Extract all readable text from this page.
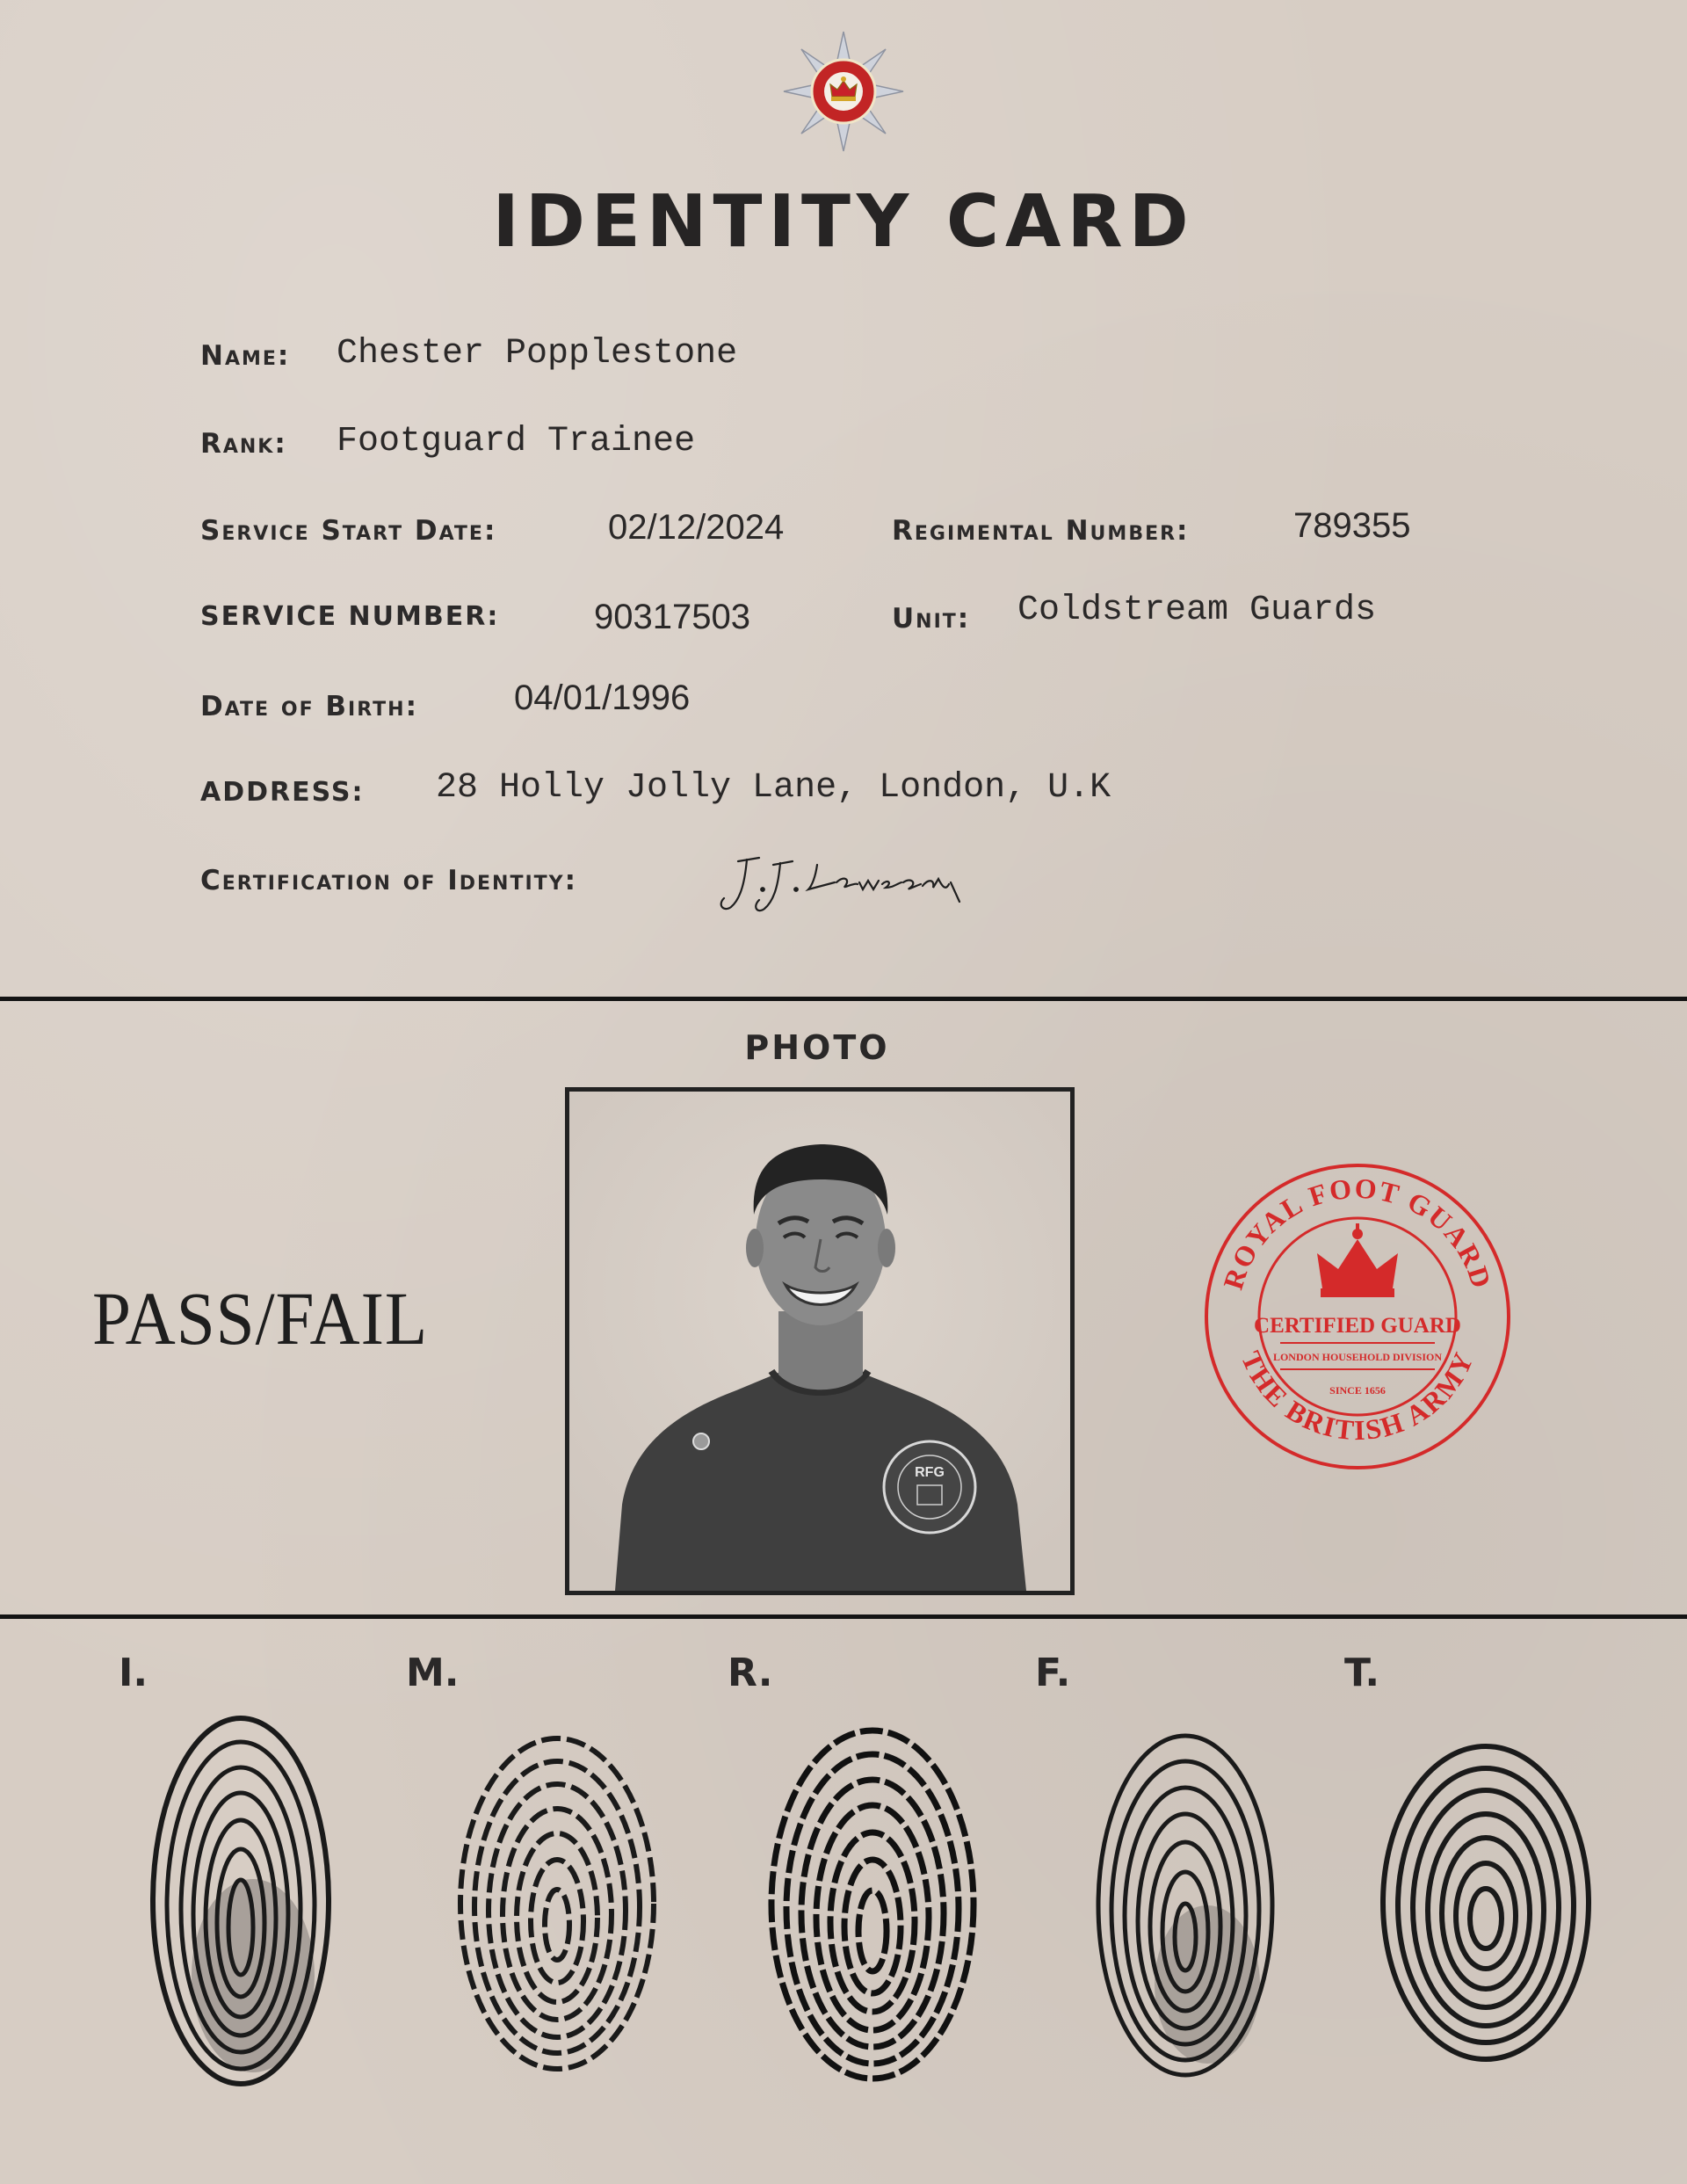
IDENTITY CARD
Name: Chester Popplestone
Rank: Footguard Trainee
Service Start Date:	02/12/2024	Regimental Number:	789355
SERVICE NUMBER:	90317503	Unit: Coldstream Guards
Date of Birth:	04/01/1996
ADDRESS: 28 Holly Jolly Lane, London, U.K
Certification of Identity:
PHOTO
RFG
PASS/FAIL	ROYAL FOOT GUARD
THE BRITISH ARMY
CERTIFIED GUARD
LONDON HOUSEHOLD DIVISION
SINCE 1656
I.	M.	R.	F.	T.
